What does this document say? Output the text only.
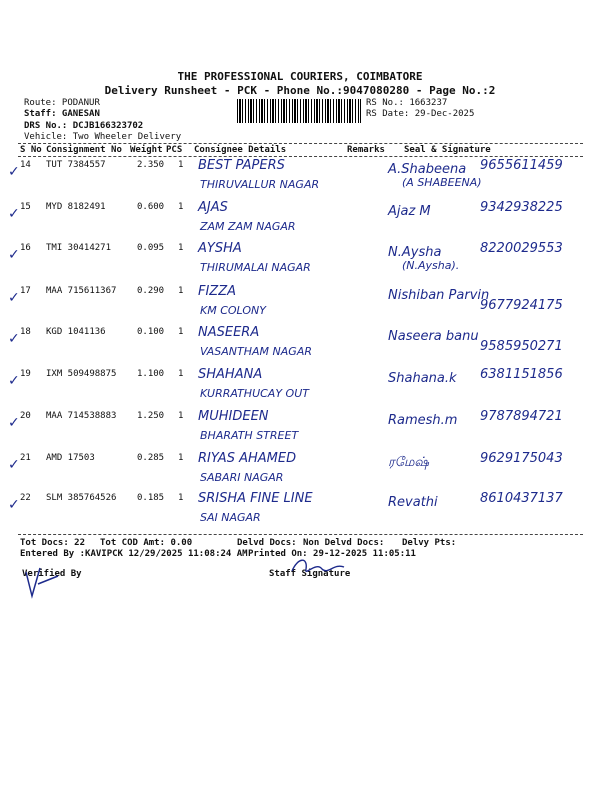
THE PROFESSIONAL COURIERS, COIMBATORE
Delivery Runsheet - PCK - Phone No.:9047080280 - Page No.:2
Route: PODANUR
Staff: GANESAN
DRS No.: DCJB166323702
Vehicle: Two Wheeler Delivery
RS No.: 1663237
RS Date: 29-Dec-2025
S No Consignment No Weight PCS Consignee Details	Remarks Seal & Signature
✓ 14 TUT 7384557	2.350 1 BEST PAPERS
THIRUVALLUR NAGAR
A.Shabeena
(A SHABEENA)
9655611459
✓ 15 MYD 8182491	0.600 1 AJAS
ZAM ZAM NAGAR
Ajaz M	9342938225
✓ 16 TMI 30414271	0.095 1 AYSHA
THIRUMALAI NAGAR
N.Aysha
(N.Aysha).
8220029553
✓ 17 MAA 715611367 0.290 1 FIZZA
KM COLONY
Nishiban Parvin
9677924175
✓ 18 KGD 1041136	0.100 1 NASEERA
VASANTHAM NAGAR
Naseera banu
9585950271
✓ 19 IXM 509498875 1.100 1 SHAHANA
KURRATHUCAY OUT
Shahana.k 6381151856
✓ 20 MAA 714538883 1.250 1 MUHIDEEN
BHARATH STREET
Ramesh.m 9787894721
✓ 21 AMD 17503	0.285 1 RIYAS AHAMED
SABARI NAGAR
ரமேஷ்	9629175043
✓ 22 SLM 385764526 0.185 1 SRISHA FINE LINE
SAI NAGAR
Revathi	8610437137
Tot Docs: 22 Tot COD Amt: 0.00	Delvd Docs: Non Delvd Docs: Delvy Pts:
Entered By :KAVIPCK 12/29/2025 11:08:24 AM Printed On: 29-12-2025 11:05:11
Verified By	Staff Signature
